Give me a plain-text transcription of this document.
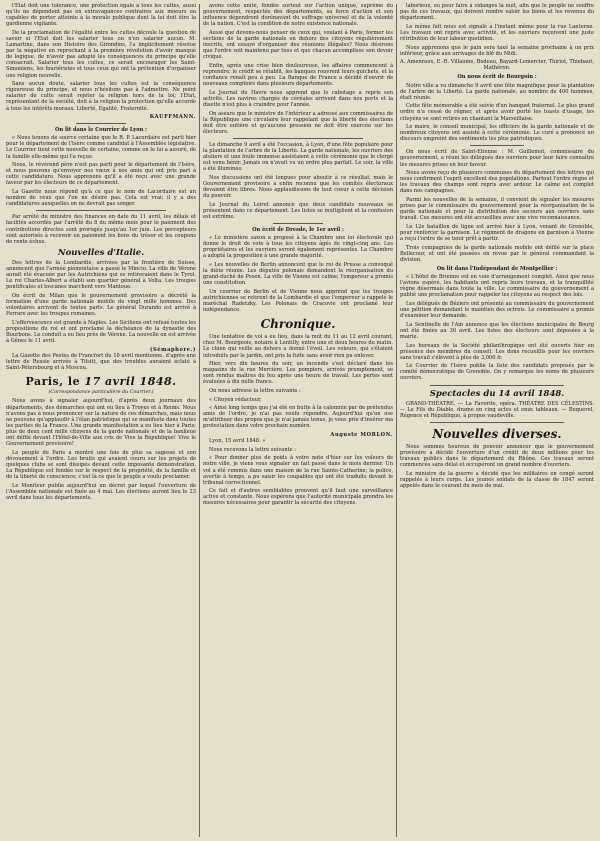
l'Etat doit une tolérance, une protection égale à tous les cultes, aussi qu'ils ne dépendent pas en extravagances contraires aux moeurs ou capables de porter atteinte à la morale publique dont la loi doit être la gardienne vigilante.

De la proclamation de l'égalité entre les cultes découle la question de savoir si l'Etat doit les salarier tous ou n'en salarier aucun. M. Lamartine, dans son Histoire des Girondins, l'a implicitement résolue par la négative en reprochant à la première révolution d'avoir manqué de logique, de n'avoir pas adopté les conséquences du principe qu'elle consacrait. Salarier tous les cultes, ce serait encourager les Saint-Simoniens, les fouriéristes et tous ceux qui ont la prétention d'organiser une religion nouvelle.

Sans aucun doute, salarier tous les cultes est la conséquence rigoureuse du principe, et nous n'hésitons pas à l'admettre. Ne point salarier de culte serait rejeter la religion hors de la loi; l'Etat, représentant de la société, doit à la religion la protection qu'elle accorde à tous les intérêts moraux. Liberté, Egalité, Fraternité.

KAUFFMANN.

On lit dans le Courrier de Lyon :

« Nous tenons de source certaine que le R. P. Lacordaire est parti hier pour le département de l'Isère comme candidat à l'Assemblée législative. Le Courrier tient cette nouvelle de certaine, comme on le lui a assuré, de la famille elle-même qui l'a reçue.

Nous, le révérend père n'est pas parti pour le département de l'Isère, et nous pouvons qu'envoyer nos vœux à nos amis qui ont pris part à cette candidature. Nous apprenons qu'il a été reçu avec une grande faveur par les électeurs de ce département.

La Gazette nous répond qu'à ce que le nom de Lacordaire est un nombre de ceux que l'on ne désire pas. Cela est vrai; il y a des candidatures auxquelles on ne devrait pas songer.

Par arrêté du ministre des finances en date du 11 avril, les délais et facilités accordés par l'arrêté du 8 du même mois pour le paiement des contributions directes sont prorogés jusqu'au 1er juin. Les percepteurs sont autorisés à recevoir en paiement les bons du trésor et les coupons de rente échus.

Nouvelles d'Italie.

Des lettres de la Lombardie, arrivées par la frontière de Suisse, annoncent que l'armée piémontaise a passé le Mincio. La ville de Vérone aurait été évacuée par les Autrichiens qui se retireraient dans le Tyrol. Le roi Charles-Albert a établi son quartier général à Volta. Les troupes pontificales et toscanes marchent vers Mantoue.

On écrit de Milan que le gouvernement provisoire a décrété la formation d'une garde nationale mobile de vingt mille hommes. Des volontaires arrivent de toutes parts. Le général Durando est arrivé à Ferrare avec les troupes romaines.

L'effervescence est grande à Naples. Les Siciliens ont refusé toutes les propositions du roi et ont proclamé la déchéance de la dynastie des Bourbons. Le conduit a eu lieu près de Vérone. La nouvelle en est arrivée à Gênes le 11 avril.

(Sémaphore.)

La Gazette des Postes de Francfort du 10 avril mentionne, d'après une lettre de Russie arrivée à Tilsitt, que des troubles auraient éclaté à Saint-Pétersbourg et à Moscou.

Paris, le 17 avril 1848.

(Correspondance particulière du Courrier.)

Nous avons à signaler aujourd'hui, d'après deux journaux des départements, des démarches qui ont eu lieu à Troyes et à Reims. Nous n'avons pas à nous prononcer sur la nature de ces démarches, mais nous ne pouvons qu'applaudir à l'élan patriotique qui se manifeste dans toutes les parties de la France. Une grande manifestation a eu lieu hier à Paris; plus de deux cent mille citoyens de la garde nationale et de la banlieue ont défilé devant l'Hôtel-de-Ville aux cris de Vive la République! Vive le Gouvernement provisoire!

Le peuple de Paris a montré une fois de plus sa sagesse et son dévouement à l'ordre. Les bruits qui avaient couru sur les projets de quelques clubs se sont dissipés devant cette imposante démonstration. La République est fondée sur le respect de la propriété, de la famille et de la liberté de conscience; c'est là ce que le peuple a voulu proclamer.

Le Moniteur publie aujourd'hui un décret par lequel l'ouverture de l'Assemblée nationale est fixée au 4 mai. Les élections auront lieu le 23 avril dans tous les départements.

avons cette unité, fondée surtout sur l'action unique, suprême du gouvernement, respectée des départements, sa force d'action et son influence dépendront dorénavant du suffrage universel et de la volonté de la nation. C'est la condition de notre existence nationale.

Aussi que devons-nous penser de ceux qui, voulant à Paris, former les sections de la garde nationale en dehors des citoyens régulièrement inscrits, ont essayé d'organiser des réunions illégales? Nous désirons que l'ordre soit maintenu par tous et que chacun accomplisse son devoir civique.

Enfin, après une crise bien douloureuse, les affaires commencent à reprendre; le crédit se rétablit, les banques rouvrent leurs guichets, et la confiance renaît peu à peu. La Banque de France a décidé d'ouvrir de nouveaux comptoirs dans plusieurs départements.

Le Journal du Havre nous apprend que le cabotage a repris son activité. Les navires chargés de céréales arrivent dans nos ports et la disette n'est plus à craindre pour l'année.

On assure que le ministre de l'intérieur a adressé aux commissaires de la République une circulaire leur rappelant que la liberté des élections doit être entière et qu'aucune pression ne doit être exercée sur les électeurs.

Le dimanche 9 avril a été l'occasion, à Lyon, d'une fête populaire pour la plantation de l'arbre de la Liberté. La garde nationale, les ouvriers des ateliers et une foule immense assistaient à cette cérémonie que le clergé est venu bénir. Jamais on n'avait vu un ordre plus parfait. Le soir, la ville a été illuminée.

Nos discussions ont été longues pour aboutir à ce résultat, mais le Gouvernement provisoire a enfin reconnu que les comités électoraux devaient être libres. Nous applaudissons de tout coeur à cette décision du pouvoir.

Le Journal du Loiret annonce que deux candidats nouveaux se présentent dans ce département. Les listes se multiplient et la confusion est extrême.

On écrit de Dresde, le 1er avril :

« Le ministère saxon a proposé à la Chambre une loi électorale qui donne le droit de vote à tous les citoyens âgés de vingt-cinq ans. Les propriétaires et les ouvriers seront également représentés. La Chambre a adopté la proposition à une grande majorité.

« Les nouvelles de Berlin annoncent que le roi de Prusse a convoqué la diète réunie. Les députés polonais demandent la réorganisation du grand-duché de Posen. La ville de Vienne est calme; l'empereur a promis une constitution.

Un courrier de Berlin et de Vienne nous apprend que les troupes autrichiennes se retirent de la Lombardie et que l'empereur a rappelé le maréchal Radetzky. Les Polonais de Cracovie ont proclamé leur indépendance.

Chronique.

Une tentative de vol a eu lieu, dans la nuit du 11 au 12 avril courant, chez M. Bourgeois, notaire à Lentilly, entre une et deux heures du matin. Le chien qui veille au dehors a donné l'éveil. Les voleurs, qui s'étaient introduits par le jardin, ont pris la fuite sans avoir rien pu enlever.

Hier, vers dix heures du soir, un incendie s'est déclaré dans les magasins de la rue Mercière. Les pompiers, arrivés promptement, se sont rendus maîtres du feu après une heure de travail. Les pertes sont évaluées à dix mille francs.

On nous adresse la lettre suivante :

« Citoyen rédacteur,

« Ainsi long temps que j'ai été en butte à la calomnie par de prétendus amis de l'ordre, je n'ai pas voulu répondre. Aujourd'hui qu'on ose m'attribuer des propos que je n'ai jamais tenus, je vous prie d'insérer ma protestation dans votre prochain numéro.

Auguste MORLON.

Lyon, 15 avril 1848. »

Nous recevons la lettre suivante :

« Pour donner plus de poids à votre note d'hier sur les voleurs de notre ville, je viens vous signaler un fait passé dans le mois dernier. Un vol a été commis dans une maison de la rue Sainte-Catherine; la police, avertie à temps, a pu saisir les coupables qui ont été traduits devant le tribunal correctionnel.

Ce fait et d'autres semblables prouvent qu'il faut une surveillance active et constante. Nous espérons que l'autorité municipale prendra les mesures nécessaires pour garantir la sécurité des citoyens.

laborieux, ou pour faire à vidanges la nuit, afin que le peuple ne souffre pas de ces travaux, qui doivent rendre valoir les biens et les revenus du département.

Le même fait nous est signalé à l'instant même pour la rue Lanterne. Les travaux ont repris avec activité, et les ouvriers reçoivent une juste rétribution de leur labeur quotidien.

Nous apprenons que le pain sera taxé la semaine prochaine à un prix inférieur, grâce aux arrivages de blé du Midi.

A. Amenraux, E.-R. Villaume, Bodeau, Bayard-Lemercier, Thiriot, Thiebaut, Mathéron.

On nous écrit de Bourgoin :

Notre ville a vu dimanche 9 avril une fête magnifique pour la plantation de l'arbre de la Liberté. La garde nationale, au nombre de 400 hommes, était réunie.

Cette fête mémorable a été suivie d'un banquet fraternel. Le plus grand ordre n'a cessé de régner, et après avoir porté les toasts d'usage, les citoyens se sont retirés en chantant la Marseillaise.

Le maire, le conseil municipal, les officiers de la garde nationale et de nombreux citoyens ont assisté à cette cérémonie. Le curé a prononcé un discours empreint des sentiments les plus patriotiques.

On nous écrit de Saint-Etienne : M. Guillemot, commissaire du gouvernement, a réuni les délégués des ouvriers pour leur faire connaître les mesures prises en leur faveur.

Nous avons reçu de plusieurs communes du département des lettres qui nous confirment l'esprit excellent des populations. Partout l'ordre règne et les travaux des champs sont repris avec ardeur. Le calme est complet dans nos campagnes.

Parmi les nouvelles de la semaine, il convient de signaler les mesures prises par le commissaire du gouvernement pour la réorganisation de la garde nationale et pour la distribution des secours aux ouvriers sans travail. Ces mesures ont été accueillies avec une vive reconnaissance.

Le 12e bataillon de ligne est arrivé hier à Lyon, venant de Grenoble, pour renforcer la garnison. Le régiment de dragons en garnison à Vienne a reçu l'ordre de se tenir prêt à partir.

Trois compagnies de la garde nationale mobile ont défilé sur la place Bellecour, et ont été passées en revue par le général commandant la division.

On lit dans l'Indépendant de Montpellier :

« L'hôtel de Brienne est en voie d'arrangement complet. Ainsi que nous l'avions espéré, les habitants ont repris leurs travaux, et la tranquillité règne désormais dans toute la ville. Le commissaire du gouvernement a publié une proclamation pour rappeler les citoyens au respect des lois.

Les délégués de Béziers ont présenté au commissaire du gouvernement une pétition demandant le maintien des octrois. Le commissaire a promis d'examiner leur demande.

La Sentinelle de l'Ain annonce que les élections municipales de Bourg ont été fixées au 30 avril. Les listes des électeurs sont déposées à la mairie.

Les bureaux de la Société philanthropique ont été ouverts hier en présence des membres du conseil. Les dons recueillis pour les ouvriers sans travail s'élèvent à plus de 3,000 fr.

Le Courrier de l'Isère publie la liste des candidats proposés par le comité démocratique de Grenoble. On y remarque les noms de plusieurs ouvriers.

Spectacles du 14 avril 1848.

GRAND-THÉATRE. — La Favorite, opéra. THÉATRE DES CÉLESTINS. — Le Fils du Diable, drame en cinq actes et onze tableaux. — Boquerel, Régence et République, à propos vaudeville.

Nouvelles diverses.

Nous sommes heureux de pouvoir annoncer que le gouvernement provisoire a décidé l'ouverture d'un crédit de deux millions pour les travaux publics dans le département du Rhône. Ces travaux seront commencés sans délai et occuperont un grand nombre d'ouvriers.

Le ministre de la guerre a décidé que les militaires en congé seront rappelés à leurs corps. Les jeunes soldats de la classe de 1847 seront appelés dans le courant du mois de mai.
